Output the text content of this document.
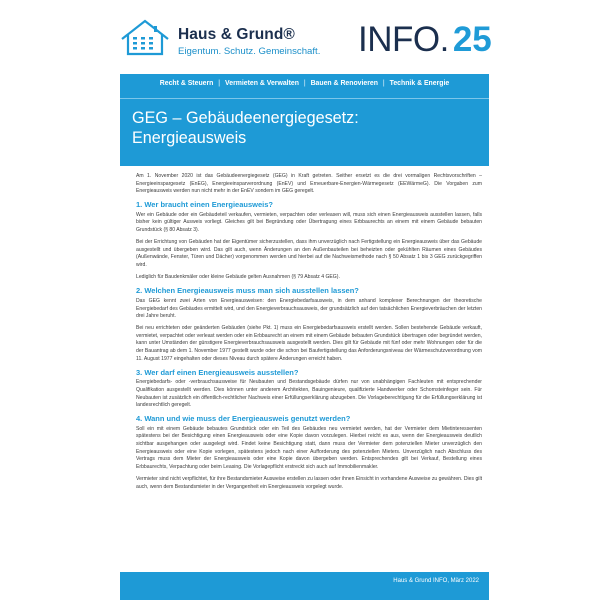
Haus & Grund®
Eigentum. Schutz. Gemeinschaft. INFO. 25
Recht & Steuern | Vermieten & Verwalten | Bauen & Renovieren | Technik & Energie
GEG – Gebäudeenergiegesetz:
Energieausweis

Am 1. November 2020 ist das Gebäudeenergiegesetz (GEG) in Kraft getreten. Seither ersetzt es die drei vormaligen Rechtsvorschriften – Energieeinspargesetz (EnEG), Energieeinsparverordnung (EnEV) und Erneuerbare-Energien-Wärmegesetz (EEWärmeG). Die Vorgaben zum Energieausweis werden nun nicht mehr in der EnEV sondern im GEG geregelt.

1. Wer braucht einen Energieausweis?

Wer ein Gebäude oder ein Gebäudeteil verkaufen, vermieten, verpachten oder verleasen will, muss sich einen Energieausweis ausstellen lassen, falls bisher kein gültiger Ausweis vorliegt. Gleiches gilt bei Begründung oder Übertragung eines Erbbaurechts an einem mit einem Gebäude bebauten Grundstück (§ 80 Absatz 3).

Bei der Errichtung von Gebäuden hat der Eigentümer sicherzustellen, dass ihm unverzüglich nach Fertigstellung ein Energieausweis über das Gebäude ausgestellt und übergeben wird. Das gilt auch, wenn Änderungen an den Außenbauteilen bei beheizten oder gekühlten Räumen eines Gebäudes (Außenwände, Fenster, Türen und Dächer) vorgenommen werden und hierbei auf die Nachweismethode nach § 50 Absatz 1 bis 3 GEG zurückgegriffen wird.

Lediglich für Baudenkmäler oder kleine Gebäude gelten Ausnahmen (§ 79 Absatz 4 GEG).

2. Welchen Energieausweis muss man sich ausstellen lassen?

Das GEG kennt zwei Arten von Energieausweisen: den Energiebedarfsausweis, in dem anhand komplexer Berechnungen der theoretische Energiebedarf des Gebäudes ermittelt wird, und den Energieverbrauchsausweis, der grundsätzlich auf den tatsächlichen Energieverbräuchen der letzten drei Jahre beruht.

Bei neu errichteten oder geänderten Gebäuden (siehe Pkt. 1) muss ein Energiebedarfsausweis erstellt werden. Sollen bestehende Gebäude verkauft, vermietet, verpachtet oder verleast werden oder ein Erbbaurecht an einem mit einem Gebäude bebauten Grundstück übertragen oder begründet werden, kann unter Umständen der günstigere Energieverbrauchsausweis ausgestellt werden. Dies gilt für Gebäude mit fünf oder mehr Wohnungen oder für die der Bauantrag ab dem 1. November 1977 gestellt wurde oder die schon bei Baufertigstellung das Anforderungsniveau der Wärmeschutzverordnung vom 11. August 1977 eingehalten oder dieses Niveau durch spätere Änderungen erreicht haben.

3. Wer darf einen Energieausweis ausstellen?

Energiebedarfs- oder -verbrauchsausweise für Neubauten und Bestandsgebäude dürfen nur von unabhängigen Fachleuten mit entsprechender Qualifikation ausgestellt werden. Dies können unter anderem Architekten, Bauingenieure, qualifizierte Handwerker oder Schornsteinfeger sein. Für Neubauten ist zusätzlich ein öffentlich-rechtlicher Nachweis einer Erfüllungserklärung abzugeben. Die Vorlageberechtigung für die Erfüllungserklärung ist landesrechtlich geregelt.

4. Wann und wie muss der Energieausweis genutzt werden?

Soll ein mit einem Gebäude bebautes Grundstück oder ein Teil des Gebäudes neu vermietet werden, hat der Vermieter dem Mietinteressenten spätestens bei der Besichtigung einen Energieausweis oder eine Kopie davon vorzulegen. Hierbei reicht es aus, wenn der Energieausweis deutlich sichtbar ausgehangen oder ausgelegt wird. Findet keine Besichtigung statt, dann muss der Vermieter dem potenziellen Mieter unverzüglich den Energieausweis oder eine Kopie vorlegen, spätestens jedoch nach einer Aufforderung des potenziellen Mieters. Unverzüglich nach Abschluss des Vertrags muss dem Mieter der Energieausweis oder eine Kopie davon übergeben werden. Entsprechendes gilt bei Verkauf, Bestellung eines Erbbaurechts, Verpachtung oder beim Leasing. Die Vorlagepflicht erstreckt sich auch auf Immobilienmakler.

Vermieter sind nicht verpflichtet, für ihre Bestandsmieter Ausweise erstellen zu lassen oder ihnen Einsicht in vorhandene Ausweise zu gewähren. Dies gilt auch, wenn dem Bestandsmieter in der Vergangenheit ein Energieausweis vorgelegt wurde.

Haus & Grund INFO, März 2022
